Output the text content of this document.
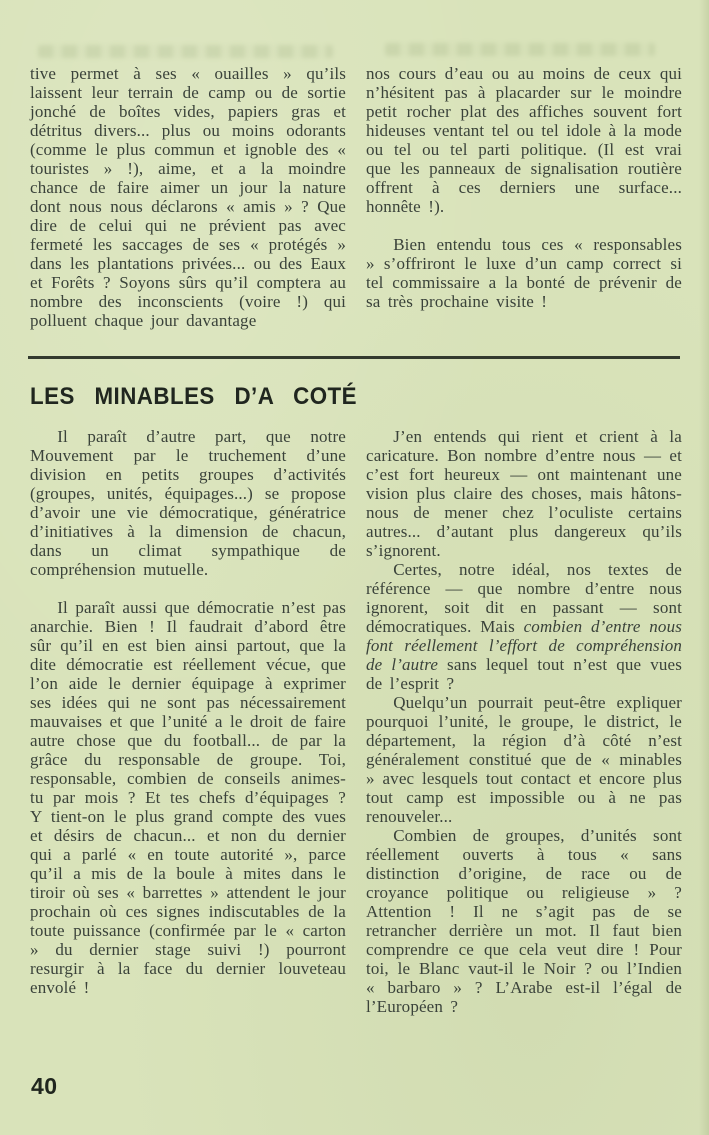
tive permet à ses « ouailles » qu’ils laissent leur terrain de camp ou de sortie jonché de boîtes vides, papiers gras et détritus divers... plus ou moins odorants (comme le plus commun et ignoble des « touristes » !), aime, et a la moindre chance de faire aimer un jour la nature dont nous nous déclarons « amis » ? Que dire de celui qui ne prévient pas avec fermeté les saccages de ses « protégés » dans les plantations privées... ou des Eaux et Forêts ? Soyons sûrs qu’il comptera au nombre des inconscients (voire !) qui polluent chaque jour davantage

nos cours d’eau ou au moins de ceux qui n’hésitent pas à placarder sur le moindre petit rocher plat des affiches souvent fort hideuses ventant tel ou tel idole à la mode ou tel ou tel parti politique. (Il est vrai que les panneaux de signalisation routière offrent à ces derniers une surface... honnête !).

Bien entendu tous ces « responsables » s’offriront le luxe d’un camp correct si tel commissaire a la bonté de prévenir de sa très prochaine visite !

LES MINABLES D’A COTÉ

Il paraît d’autre part, que notre Mouvement par le truchement d’une division en petits groupes d’activités (groupes, unités, équipages...) se propose d’avoir une vie démocratique, génératrice d’initiatives à la dimension de chacun, dans un climat sympathique de compréhension mutuelle.

Il paraît aussi que démocratie n’est pas anarchie. Bien ! Il faudrait d’abord être sûr qu’il en est bien ainsi partout, que la dite démocratie est réellement vécue, que l’on aide le dernier équipage à exprimer ses idées qui ne sont pas nécessairement mauvaises et que l’unité a le droit de faire autre chose que du football... de par la grâce du responsable de groupe. Toi, responsable, combien de conseils animes-tu par mois ? Et tes chefs d’équipages ? Y tient-on le plus grand compte des vues et désirs de chacun... et non du dernier qui a parlé « en toute autorité », parce qu’il a mis de la boule à mites dans le tiroir où ses « barrettes » attendent le jour prochain où ces signes indiscutables de la toute puissance (confirmée par le « carton » du dernier stage suivi !) pourront resurgir à la face du dernier louveteau envolé !

J’en entends qui rient et crient à la caricature. Bon nombre d’entre nous — et c’est fort heureux — ont maintenant une vision plus claire des choses, mais hâtons-nous de mener chez l’oculiste certains autres... d’autant plus dangereux qu’ils s’ignorent.

Certes, notre idéal, nos textes de référence — que nombre d’entre nous ignorent, soit dit en passant — sont démocratiques. Mais combien d’entre nous font réellement l’effort de compréhension de l’autre sans lequel tout n’est que vues de l’esprit ?

Quelqu’un pourrait peut-être expliquer pourquoi l’unité, le groupe, le district, le département, la région d’à côté n’est généralement constitué que de « minables » avec lesquels tout contact et encore plus tout camp est impossible ou à ne pas renouveler...

Combien de groupes, d’unités sont réellement ouverts à tous « sans distinction d’origine, de race ou de croyance politique ou religieuse » ? Attention ! Il ne s’agit pas de se retrancher derrière un mot. Il faut bien comprendre ce que cela veut dire ! Pour toi, le Blanc vaut-il le Noir ? ou l’Indien « barbaro » ? L’Arabe est-il l’égal de l’Européen ?

40
